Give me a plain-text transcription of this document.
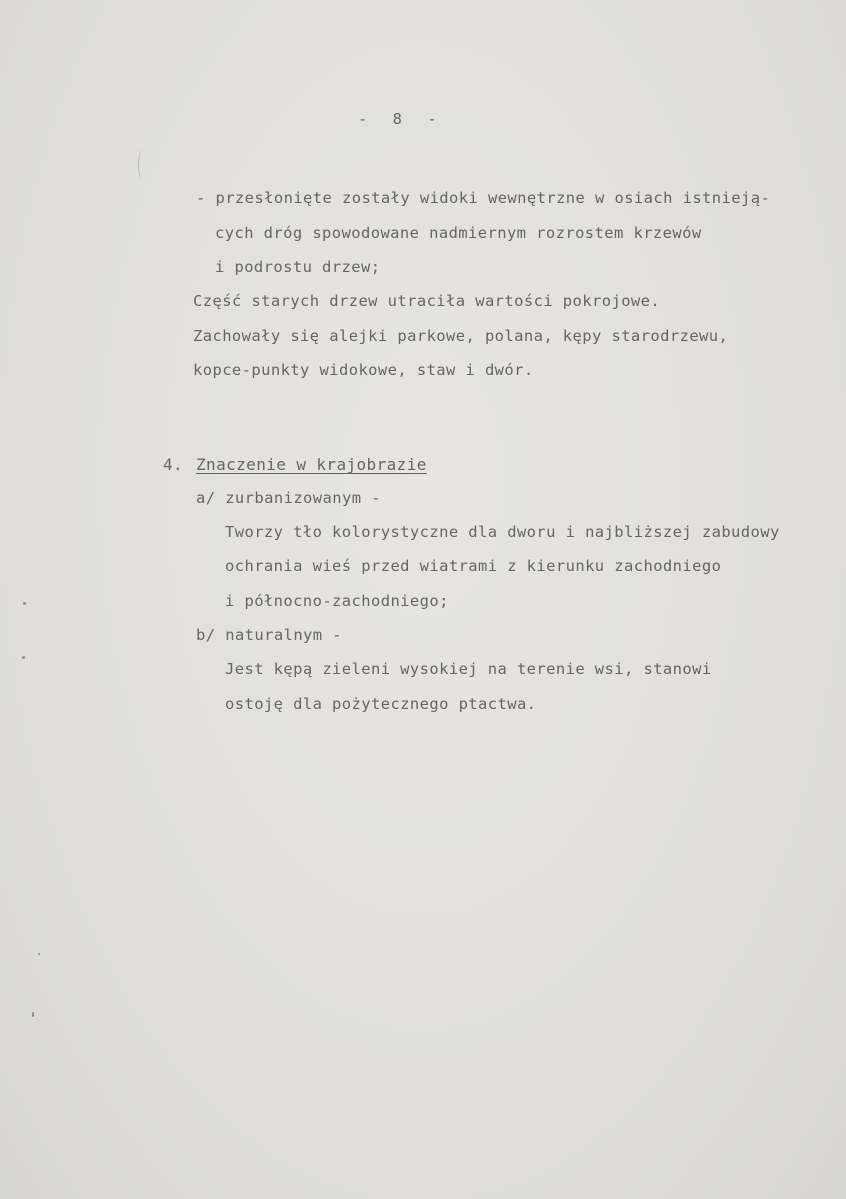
- 8 -
- przesłonięte zostały widoki wewnętrzne w osiach istnieją-
cych dróg spowodowane nadmiernym rozrostem krzewów
i podrostu drzew;
Część starych drzew utraciła wartości pokrojowe.
Zachowały się alejki parkowe, polana, kępy starodrzewu,
kopce-punkty widokowe, staw i dwór.
4. Znaczenie w krajobrazie
a/ zurbanizowanym -
Tworzy tło kolorystyczne dla dworu i najbliższej zabudowy
ochrania wieś przed wiatrami z kierunku zachodniego
i północno-zachodniego;
b/ naturalnym -
Jest kępą zieleni wysokiej na terenie wsi, stanowi
ostoję dla pożytecznego ptactwa.
